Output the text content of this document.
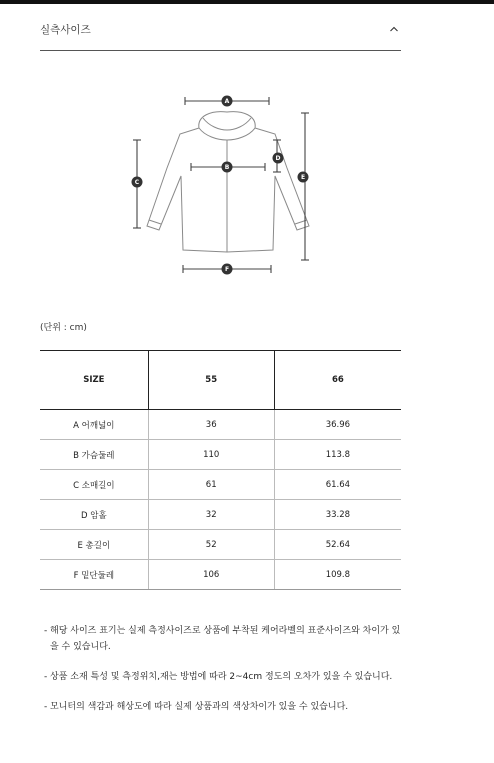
실측사이즈
A
B
C
D
E
F
(단위 : cm)
SIZE	55	66
A 어깨넓이	36	36.96
B 가슴둘레	110	113.8
C 소매길이	61	61.64
D 암홀	32	33.28
E 총길이	52	52.64
F 밑단둘레	106	109.8
- 해당 사이즈 표기는 실제 측정사이즈로 상품에 부착된 케어라벨의 표준사이즈와 차이가 있을 수 있습니다.
- 상품 소재 특성 및 측정위치,재는 방법에 따라 2~4cm 정도의 오차가 있을 수 있습니다.
- 모니터의 색감과 해상도에 따라 실제 상품과의 색상차이가 있을 수 있습니다.
